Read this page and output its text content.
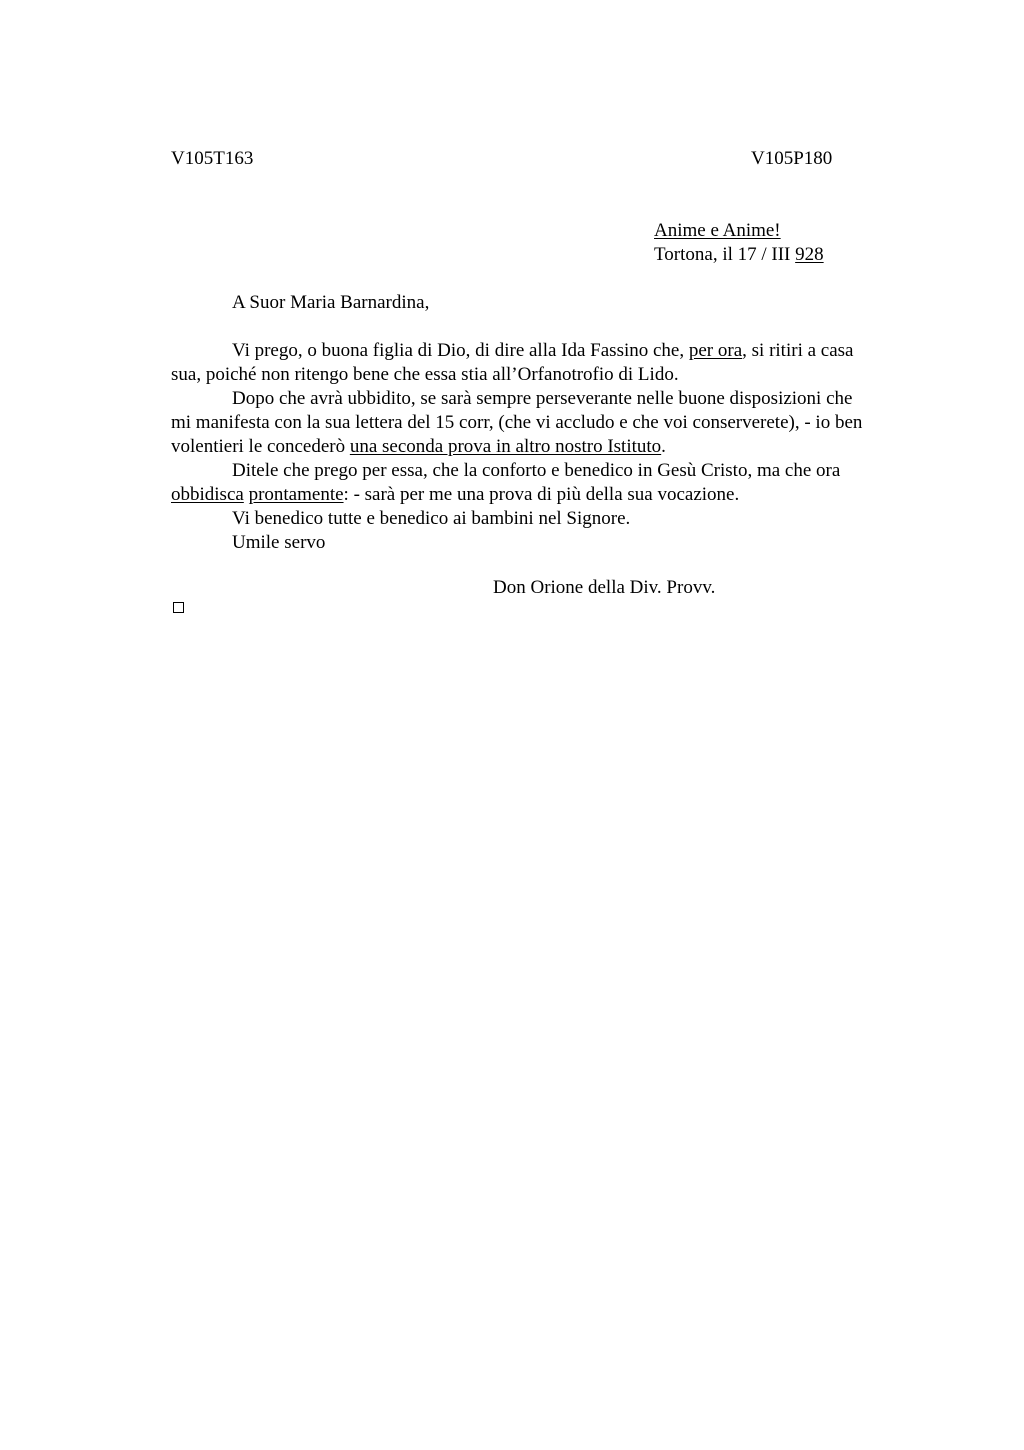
V105T163	V105P180
Anime e Anime!
Tortona, il 17 / III 928
A Suor Maria Barnardina,
Vi prego, o buona figlia di Dio, di dire alla Ida Fassino che, per ora, si ritiri a casa
sua, poiché non ritengo bene che essa stia all’Orfanotrofio di Lido.
Dopo che avrà ubbidito, se sarà sempre perseverante nelle buone disposizioni che
mi manifesta con la sua lettera del 15 corr, (che vi accludo e che voi conserverete), - io ben
volentieri le concederò una seconda prova in altro nostro Istituto.
Ditele che prego per essa, che la conforto e benedico in Gesù Cristo, ma che ora
obbidisca prontamente: - sarà per me una prova di più della sua vocazione.
Vi benedico tutte e benedico ai bambini nel Signore.
Umile servo
Don Orione della Div. Provv.
